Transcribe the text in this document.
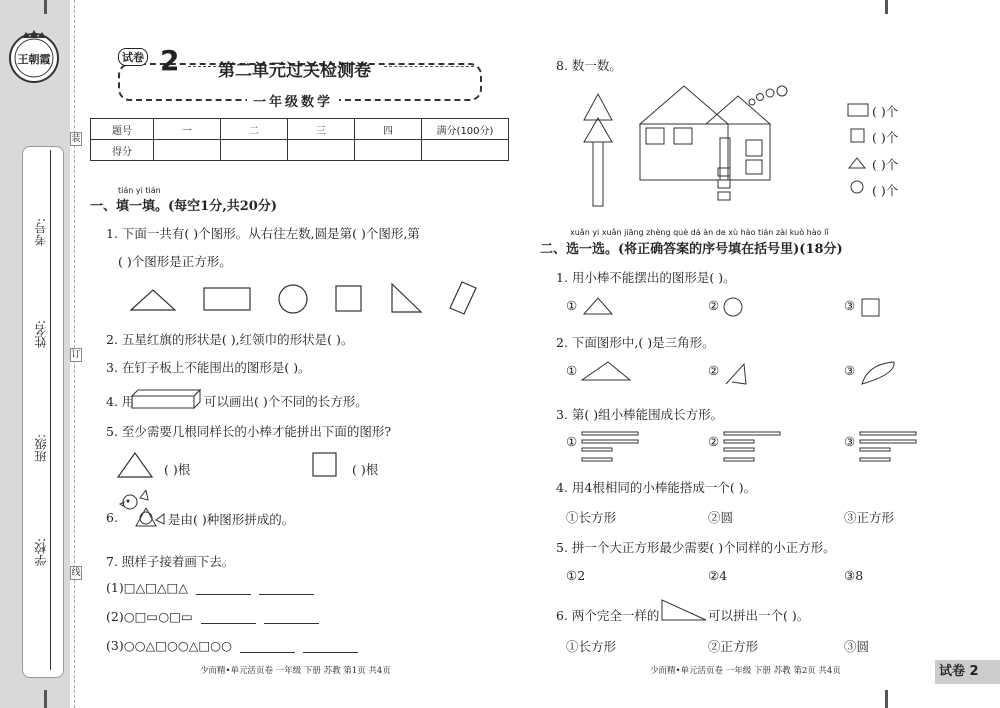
王朝霞
考号:
姓名:
班级:
学校:
装
订
线
试卷 2 第二单元过关检测卷
一年级数学
题号	一	二	三	四	满分(100分)
得分					
tián yi tián
一、填一填。(每空1分,共20分)
1. 下面一共有( )个图形。从右往左数,圆是第( )个图形,第
( )个图形是正方形。
2. 五星红旗的形状是( ),红领巾的形状是( )。
3. 在钉子板上不能围出的图形是( )。
4. 用	可以画出( )个不同的长方形。
5. 至少需要几根同样长的小棒才能拼出下面的图形?
( )根	( )根
6.	是由( )种图形拼成的。
7. 照样子接着画下去。
(1)□△□△□△
(2)○□▭○□▭
(3)○○△□○○△□○○
少而精•单元活页卷 一年级 下册 苏教 第1页 共4页
8. 数一数。
( )个
( )个
( )个
( )个
xuǎn yi xuǎn jiāng zhèng què dá àn de xù hào tián zài kuò hào lǐ
二、选一选。(将正确答案的序号填在括号里)(18分)
1. 用小棒不能摆出的图形是( )。
①	②	③
2. 下面图形中,( )是三角形。
①	②	③
3. 第( )组小棒能围成长方形。
①	②	③
4. 用4根相同的小棒能搭成一个( )。
①长方形	②圆	③正方形
5. 拼一个大正方形最少需要( )个同样的小正方形。
①2	②4	③8
6. 两个完全一样的	可以拼出一个( )。
①长方形	②正方形	③圆
少而精•单元活页卷 一年级 下册 苏教 第2页 共4页	试卷 2
